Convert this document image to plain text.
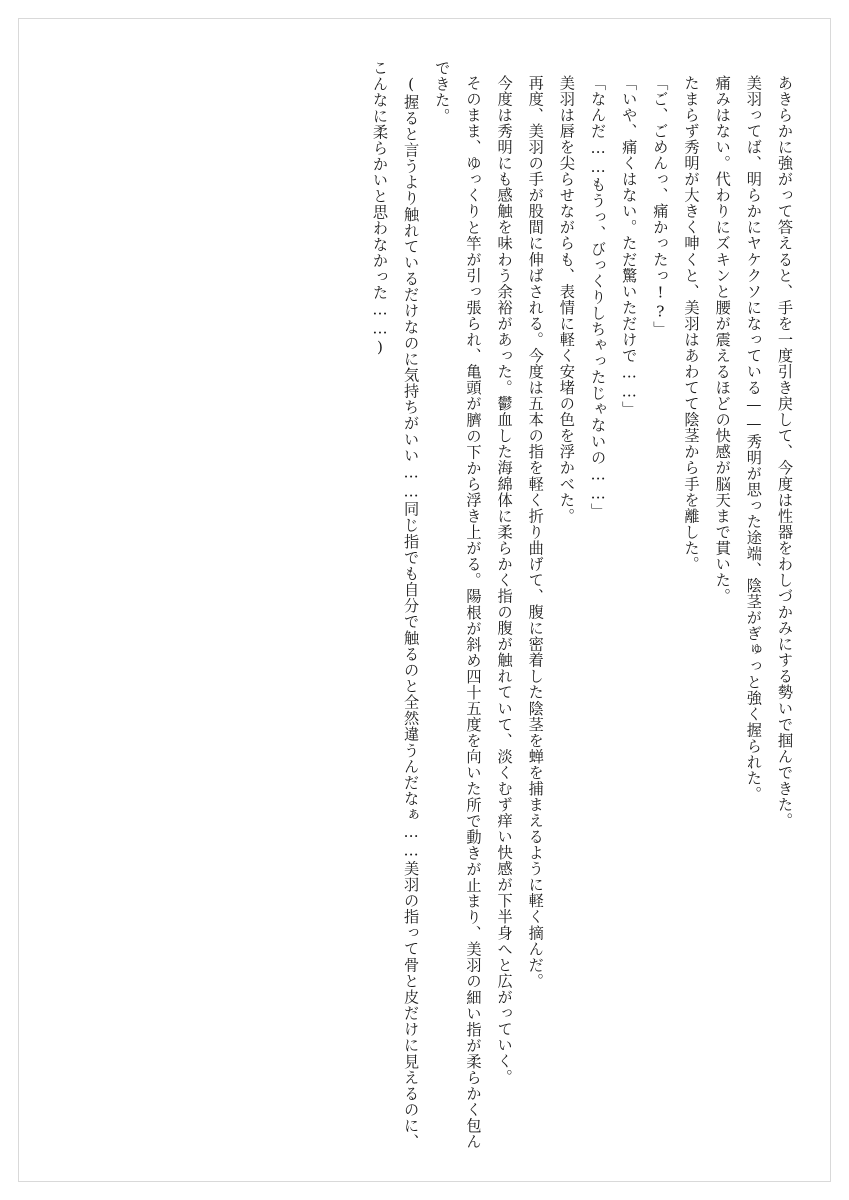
あきらかに強がって答えると、手を一度引き戻して、今度は性器をわしづかみにする勢いで掴んできた。

美羽ってば、明らかにヤケクソになっている——秀明が思った途端、陰茎がぎゅっと強く握られた。

痛みはない。代わりにズキンと腰が震えるほどの快感が脳天まで貫いた。

たまらず秀明が大きく呻くと、美羽はあわてて陰茎から手を離した。

「ご、ごめんっ、痛かったっ!?」

「いや、痛くはない。ただ驚いただけで……」

「なんだ……もうっ、びっくりしちゃったじゃないの……」

美羽は唇を尖らせながらも、表情に軽く安堵の色を浮かべた。

再度、美羽の手が股間に伸ばされる。今度は五本の指を軽く折り曲げて、腹に密着した陰茎を蝉を捕まえるように軽く摘んだ。

今度は秀明にも感触を味わう余裕があった。鬱血した海綿体に柔らかく指の腹が触れていて、淡くむず痒い快感が下半身へと広がっていく。

そのまま、ゆっくりと竿が引っ張られ、亀頭が臍の下から浮き上がる。陽根が斜め四十五度を向いた所で動きが止まり、美羽の細い指が柔らかく包んできた。

(握ると言うより触れているだけなのに気持ちがいい……同じ指でも自分で触るのと全然違うんだなぁ……美羽の指って骨と皮だけに見えるのに、こんなに柔らかいと思わなかった……)
